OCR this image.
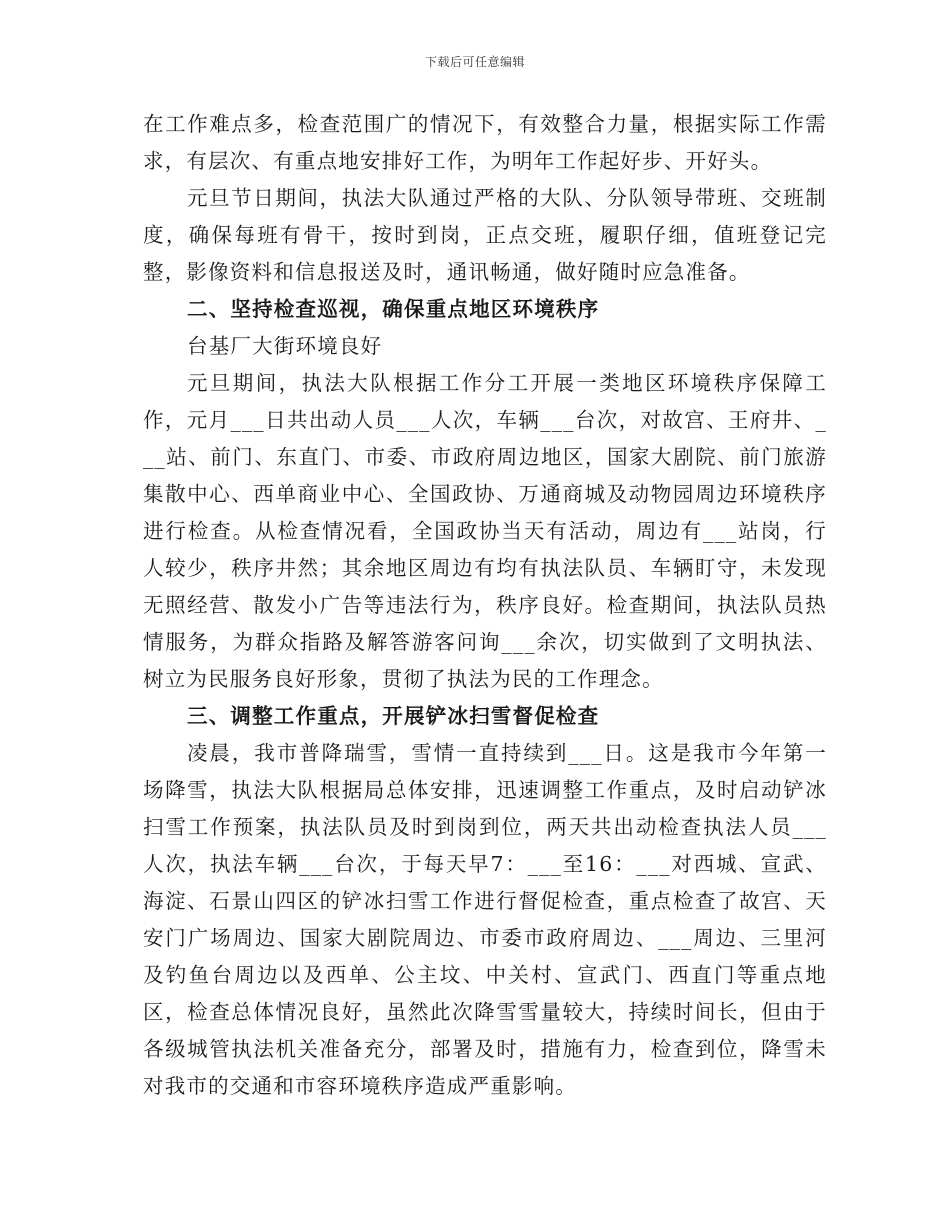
下载后可任意编辑

在工作难点多，检查范围广的情况下，有效整合力量，根据实际工作需求，有层次、有重点地安排好工作，为明年工作起好步、开好头。

元旦节日期间，执法大队通过严格的大队、分队领导带班、交班制度，确保每班有骨干，按时到岗，正点交班，履职仔细，值班登记完整，影像资料和信息报送及时，通讯畅通，做好随时应急准备。

二、坚持检查巡视，确保重点地区环境秩序

台基厂大街环境良好

元旦期间，执法大队根据工作分工开展一类地区环境秩序保障工作，元月___日共出动人员___人次，车辆___台次，对故宫、王府井、___站、前门、东直门、市委、市政府周边地区，国家大剧院、前门旅游集散中心、西单商业中心、全国政协、万通商城及动物园周边环境秩序进行检查。从检查情况看，全国政协当天有活动，周边有___站岗，行人较少，秩序井然；其余地区周边有均有执法队员、车辆盯守，未发现无照经营、散发小广告等违法行为，秩序良好。检查期间，执法队员热情服务，为群众指路及解答游客问询___余次，切实做到了文明执法、树立为民服务良好形象，贯彻了执法为民的工作理念。

三、调整工作重点，开展铲冰扫雪督促检查

凌晨，我市普降瑞雪，雪情一直持续到___日。这是我市今年第一场降雪，执法大队根据局总体安排，迅速调整工作重点，及时启动铲冰扫雪工作预案，执法队员及时到岗到位，两天共出动检查执法人员___人次，执法车辆___台次，于每天早7：___至16：___对西城、宣武、海淀、石景山四区的铲冰扫雪工作进行督促检查，重点检查了故宫、天安门广场周边、国家大剧院周边、市委市政府周边、___周边、三里河及钓鱼台周边以及西单、公主坟、中关村、宣武门、西直门等重点地区，检查总体情况良好，虽然此次降雪雪量较大，持续时间长，但由于各级城管执法机关准备充分，部署及时，措施有力，检查到位，降雪未对我市的交通和市容环境秩序造成严重影响。
